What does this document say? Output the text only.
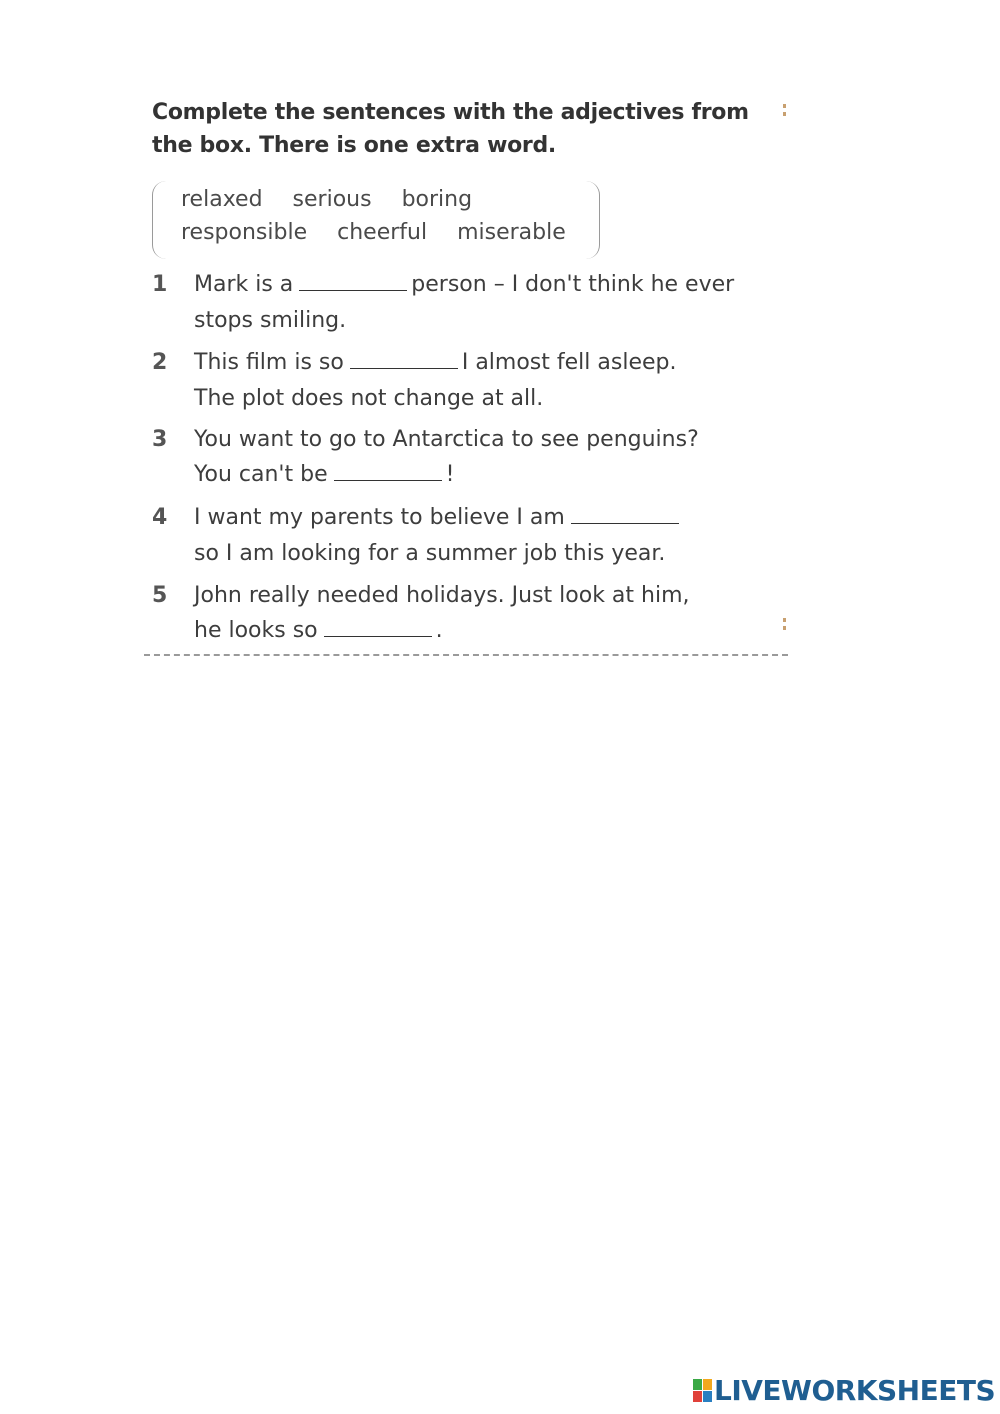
Complete the sentences with the adjectives from
the box. There is one extra word.
relaxed serious boring
responsible cheerful miserable
1 Mark is a	person – I don't think he ever
stops smiling.
2 This film is so	I almost fell asleep.
The plot does not change at all.
3 You want to go to Antarctica to see penguins?
You can't be	!
4 I want my parents to believe I am
so I am looking for a summer job this year.
5 John really needed holidays. Just look at him,
he looks so	.
LIVEWORKSHEETS
